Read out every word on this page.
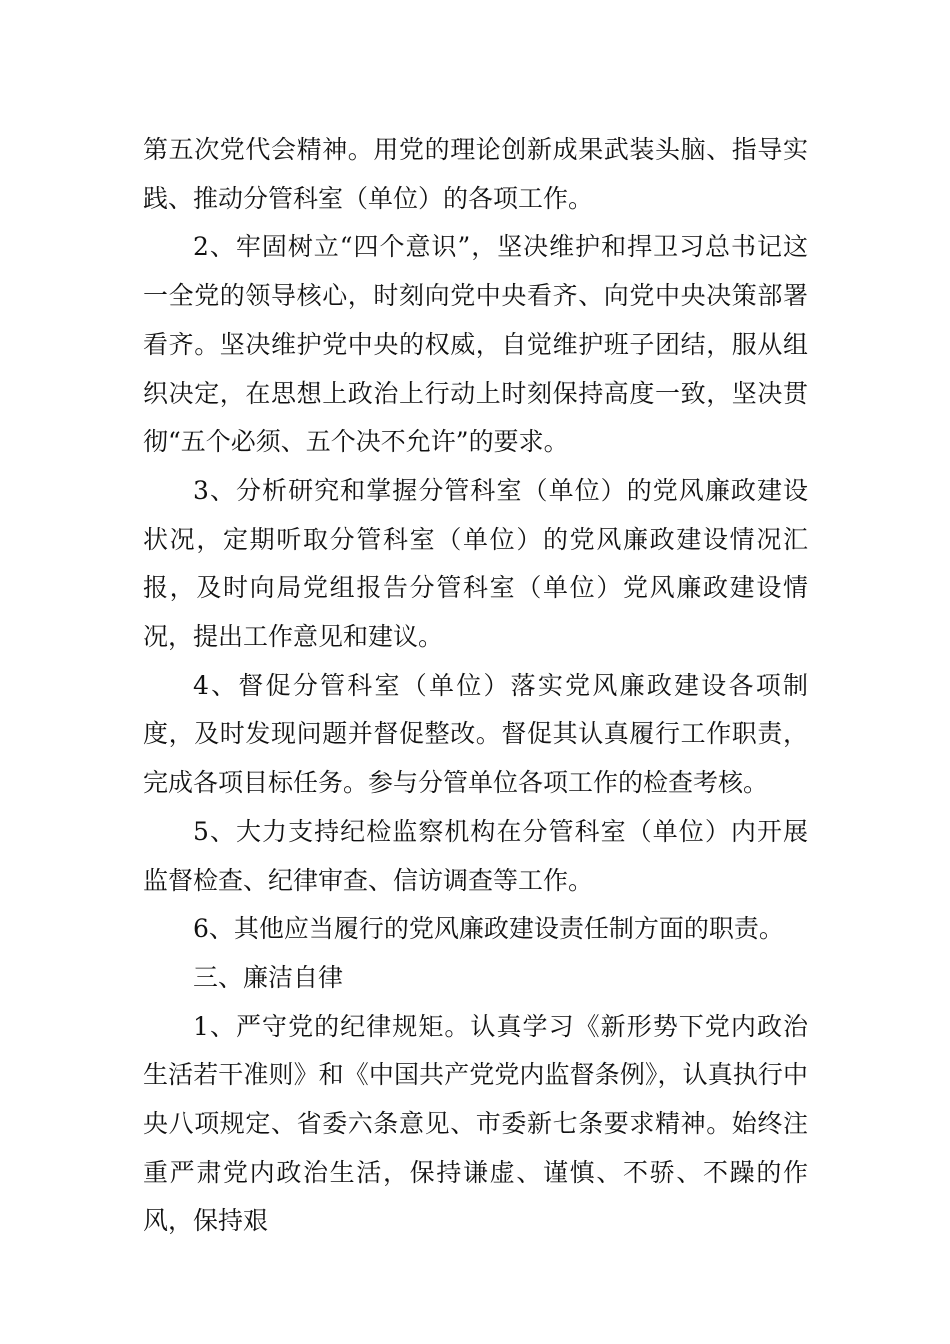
第五次党代会精神。用党的理论创新成果武装头脑、指导实践、推动分管科室（单位）的各项工作。

2、牢固树立“四个意识”，坚决维护和捍卫习总书记这一全党的领导核心，时刻向党中央看齐、向党中央决策部署看齐。坚决维护党中央的权威，自觉维护班子团结，服从组织决定，在思想上政治上行动上时刻保持高度一致，坚决贯彻“五个必须、五个决不允许”的要求。

3、分析研究和掌握分管科室（单位）的党风廉政建设状况，定期听取分管科室（单位）的党风廉政建设情况汇报，及时向局党组报告分管科室（单位）党风廉政建设情况，提出工作意见和建议。

4、督促分管科室（单位）落实党风廉政建设各项制度，及时发现问题并督促整改。督促其认真履行工作职责，完成各项目标任务。参与分管单位各项工作的检查考核。

5、大力支持纪检监察机构在分管科室（单位）内开展监督检查、纪律审查、信访调查等工作。

6、其他应当履行的党风廉政建设责任制方面的职责。

三、廉洁自律

1、严守党的纪律规矩。认真学习《新形势下党内政治生活若干准则》和《中国共产党党内监督条例》，认真执行中央八项规定、省委六条意见、市委新七条要求精神。始终注重严肃党内政治生活，保持谦虚、谨慎、不骄、不躁的作风，保持艰
